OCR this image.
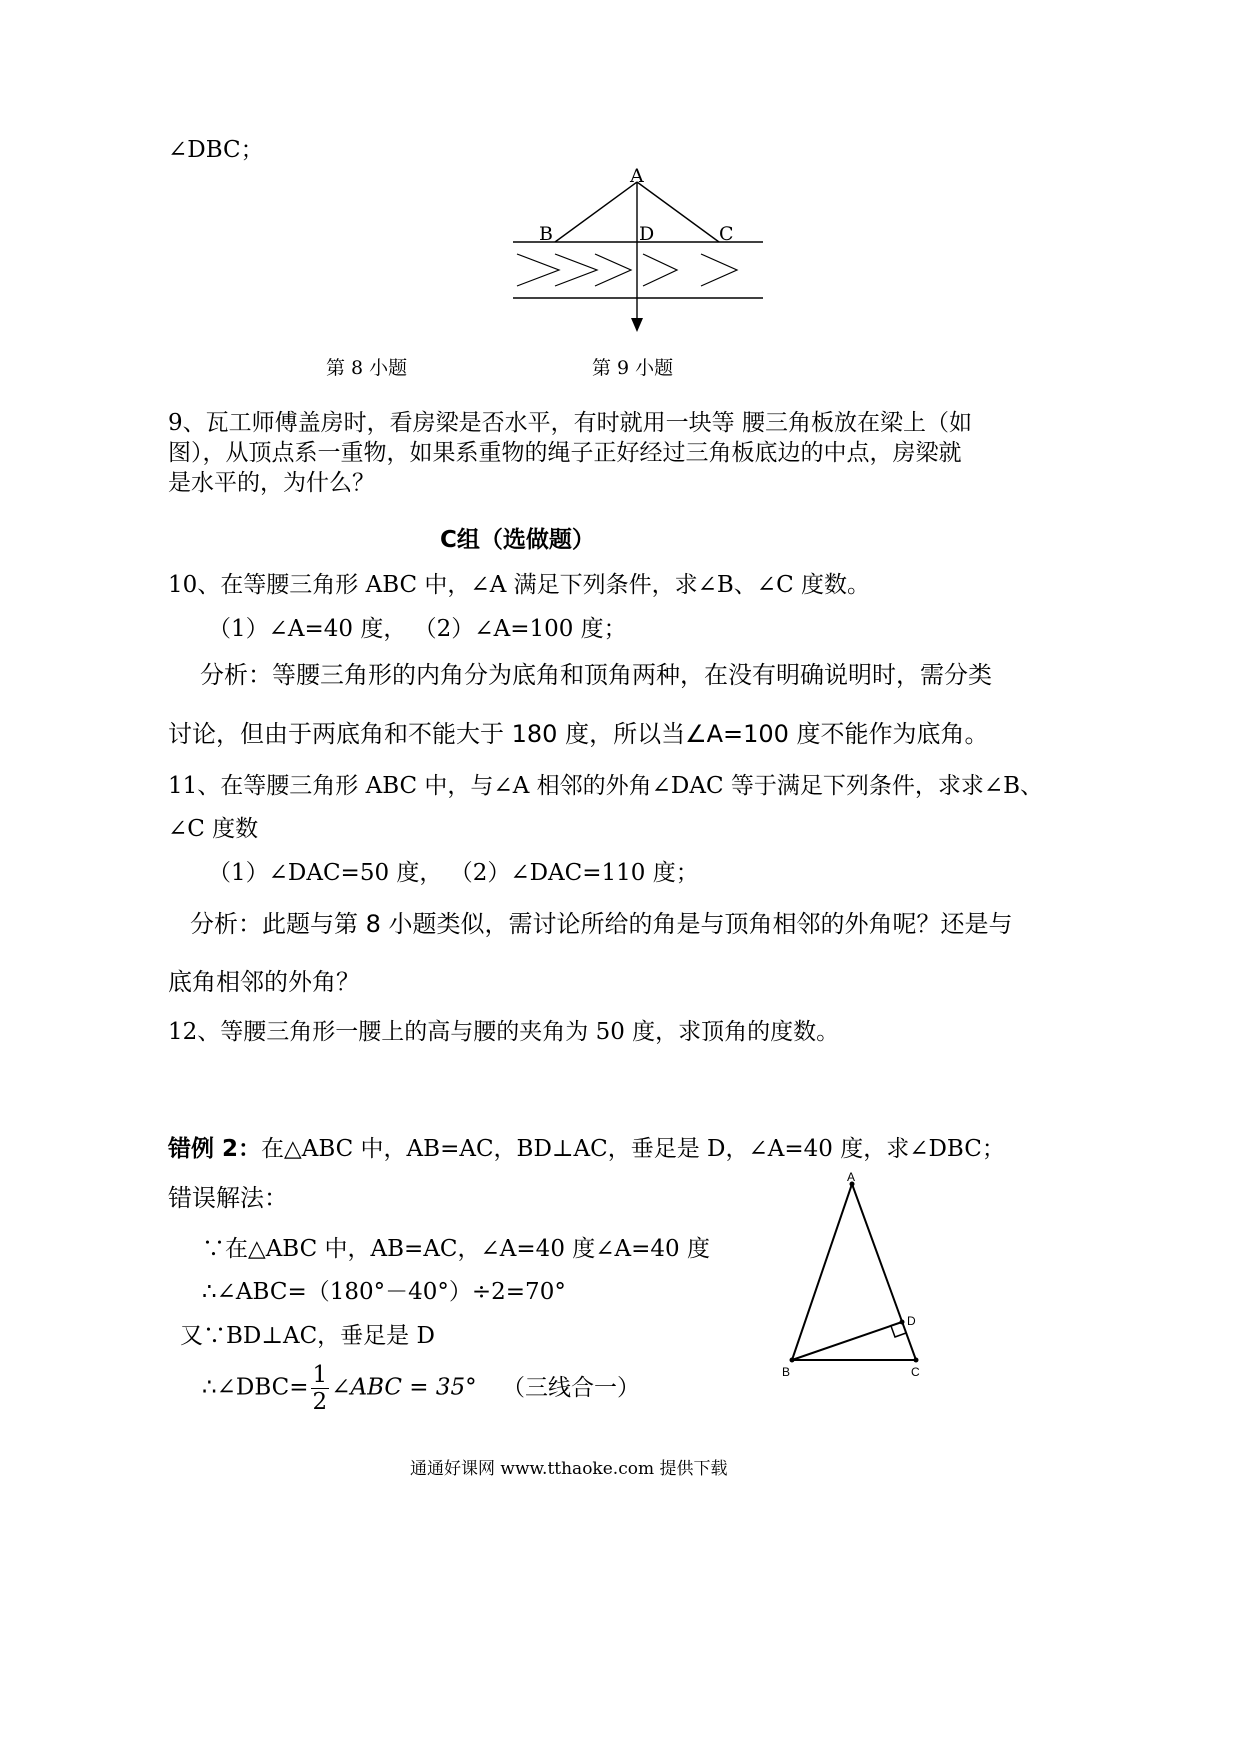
∠DBC；
A
B	D	C
第 8 小题	第 9 小题
9、瓦工师傅盖房时，看房梁是否水平，有时就用一块等 腰三角板放在梁上（如
图），从顶点系一重物，如果系重物的绳子正好经过三角板底边的中点，房梁就
是水平的，为什么？
C组（选做题）
10、在等腰三角形 ABC 中，∠A 满足下列条件，求∠B、∠C 度数。
（1）∠A=40 度， （2）∠A=100 度；
分析：等腰三角形的内角分为底角和顶角两种，在没有明确说明时，需分类
讨论，但由于两底角和不能大于 180 度，所以当∠A=100 度不能作为底角。
11、在等腰三角形 ABC 中，与∠A 相邻的外角∠DAC 等于满足下列条件，求求∠B、
∠C 度数
（1）∠DAC=50 度， （2）∠DAC=110 度；
分析：此题与第 8 小题类似，需讨论所给的角是与顶角相邻的外角呢？还是与
底角相邻的外角？
12、等腰三角形一腰上的高与腰的夹角为 50 度，求顶角的度数。
错例 2：在△ABC 中，AB=AC，BD⊥AC，垂足是 D，∠A=40 度，求∠DBC；
错误解法：
∵在△ABC 中，AB=AC，∠A=40 度∠A=40 度
∴∠ABC=（180°－40°）÷2=70°
又∵BD⊥AC，垂足是 D
∴∠DBC= $\frac{1}{2}$ ∠ABC = 35° （三线合一）
A
B	C
D
通通好课网 www.tthaoke.com 提供下载
